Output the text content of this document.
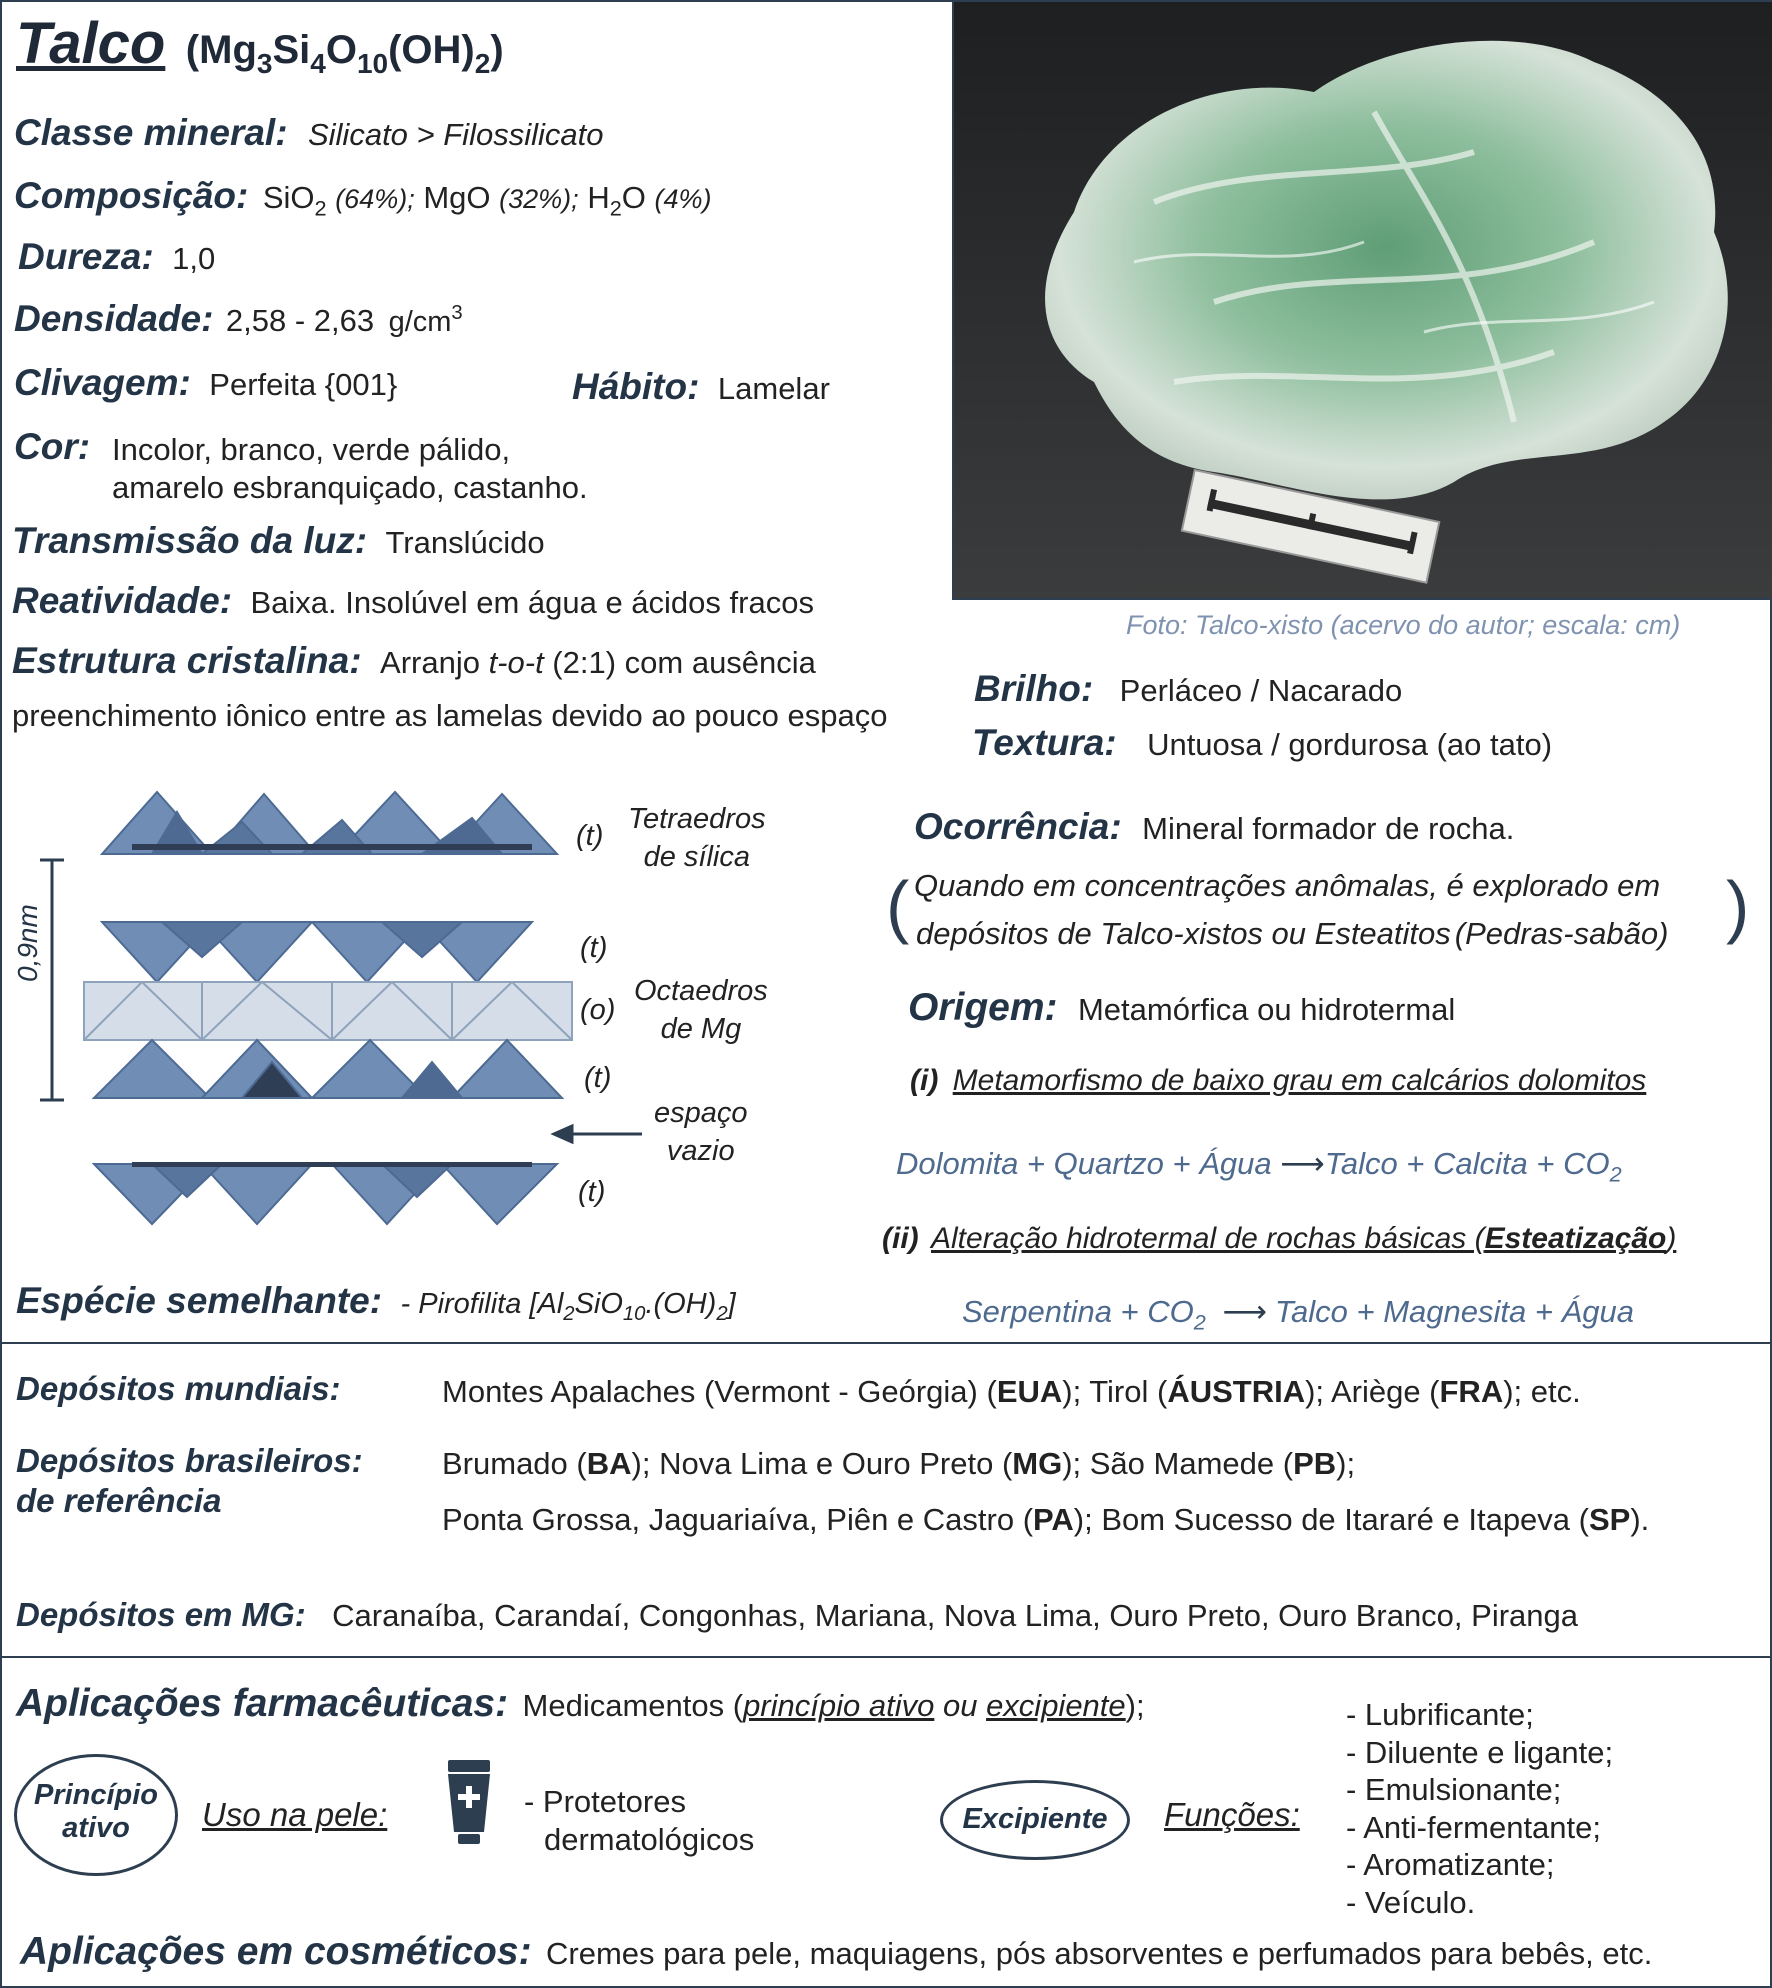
Talco $(Mg_3Si_4O_{10}(OH)_2)$
Classe mineral: Silicato > Filossilicato
Composição: SiO$_2$ (64%); MgO (32%); $H_2O$ (4%)
Dureza: 1,0
Densidade: 2,58 - 2,63 $g/cm^3$
Clivagem: Perfeita {001}	Hábito: Lamelar
Cor: Incolor, branco, verde pálido,
amarelo esbranquiçado, castanho.
Transmissão da luz: Translúcido
Reatividade: Baixa. Insolúvel em água e ácidos fracos
Estrutura cristalina: Arranjo t-o-t (2:1) com ausência
preenchimento iônico entre as lamelas devido ao pouco espaço
Foto: Talco-xisto (acervo do autor; escala: cm)
Brilho: Perláceo / Nacarado
Textura: Untuosa / gordurosa (ao tato)
0,9nm
(t)
(t)
(o)
(t)
(t)
Tetraedros
de sílica
Octaedros
de Mg
espaço
vazio
Ocorrência: Mineral formador de rocha.
(	)
Quando em concentrações anômalas, é explorado em
depósitos de Talco-xistos ou Esteatitos (Pedras-sabão)
Origem: Metamórfica ou hidrotermal
(i) Metamorfismo de baixo grau em calcários dolomitos
Dolomita + Quartzo + Água ⟶Talco + Calcita + $CO_2$
(ii) Alteração hidrotermal de rochas básicas (Esteatização)
Serpentina + $CO_2$ ⟶ Talco + Magnesita + Água
Espécie semelhante: - Pirofilita $[Al_2SiO_{10}.(OH)_2]$
Depósitos mundiais:	Montes Apalaches (Vermont - Geórgia) (EUA); Tirol (ÁUSTRIA); Ariège (FRA); etc.
Depósitos brasileiros:
de referência
Brumado (BA); Nova Lima e Ouro Preto (MG); São Mamede (PB);
Ponta Grossa, Jaguariaíva, Piên e Castro (PA); Bom Sucesso de Itararé e Itapeva (SP).
Depósitos em MG: Caranaíba, Carandaí, Congonhas, Mariana, Nova Lima, Ouro Preto, Ouro Branco, Piranga
Aplicações farmacêuticas: Medicamentos (princípio ativo ou excipiente);
Princípio
ativo	Uso na pele:	- Protetores
dermatológicos
Excipiente	Funções:
- Lubrificante;
- Diluente e ligante;
- Emulsionante;
- Anti-fermentante;
- Aromatizante;
- Veículo.
Aplicações em cosméticos: Cremes para pele, maquiagens, pós absorventes e perfumados para bebês, etc.
